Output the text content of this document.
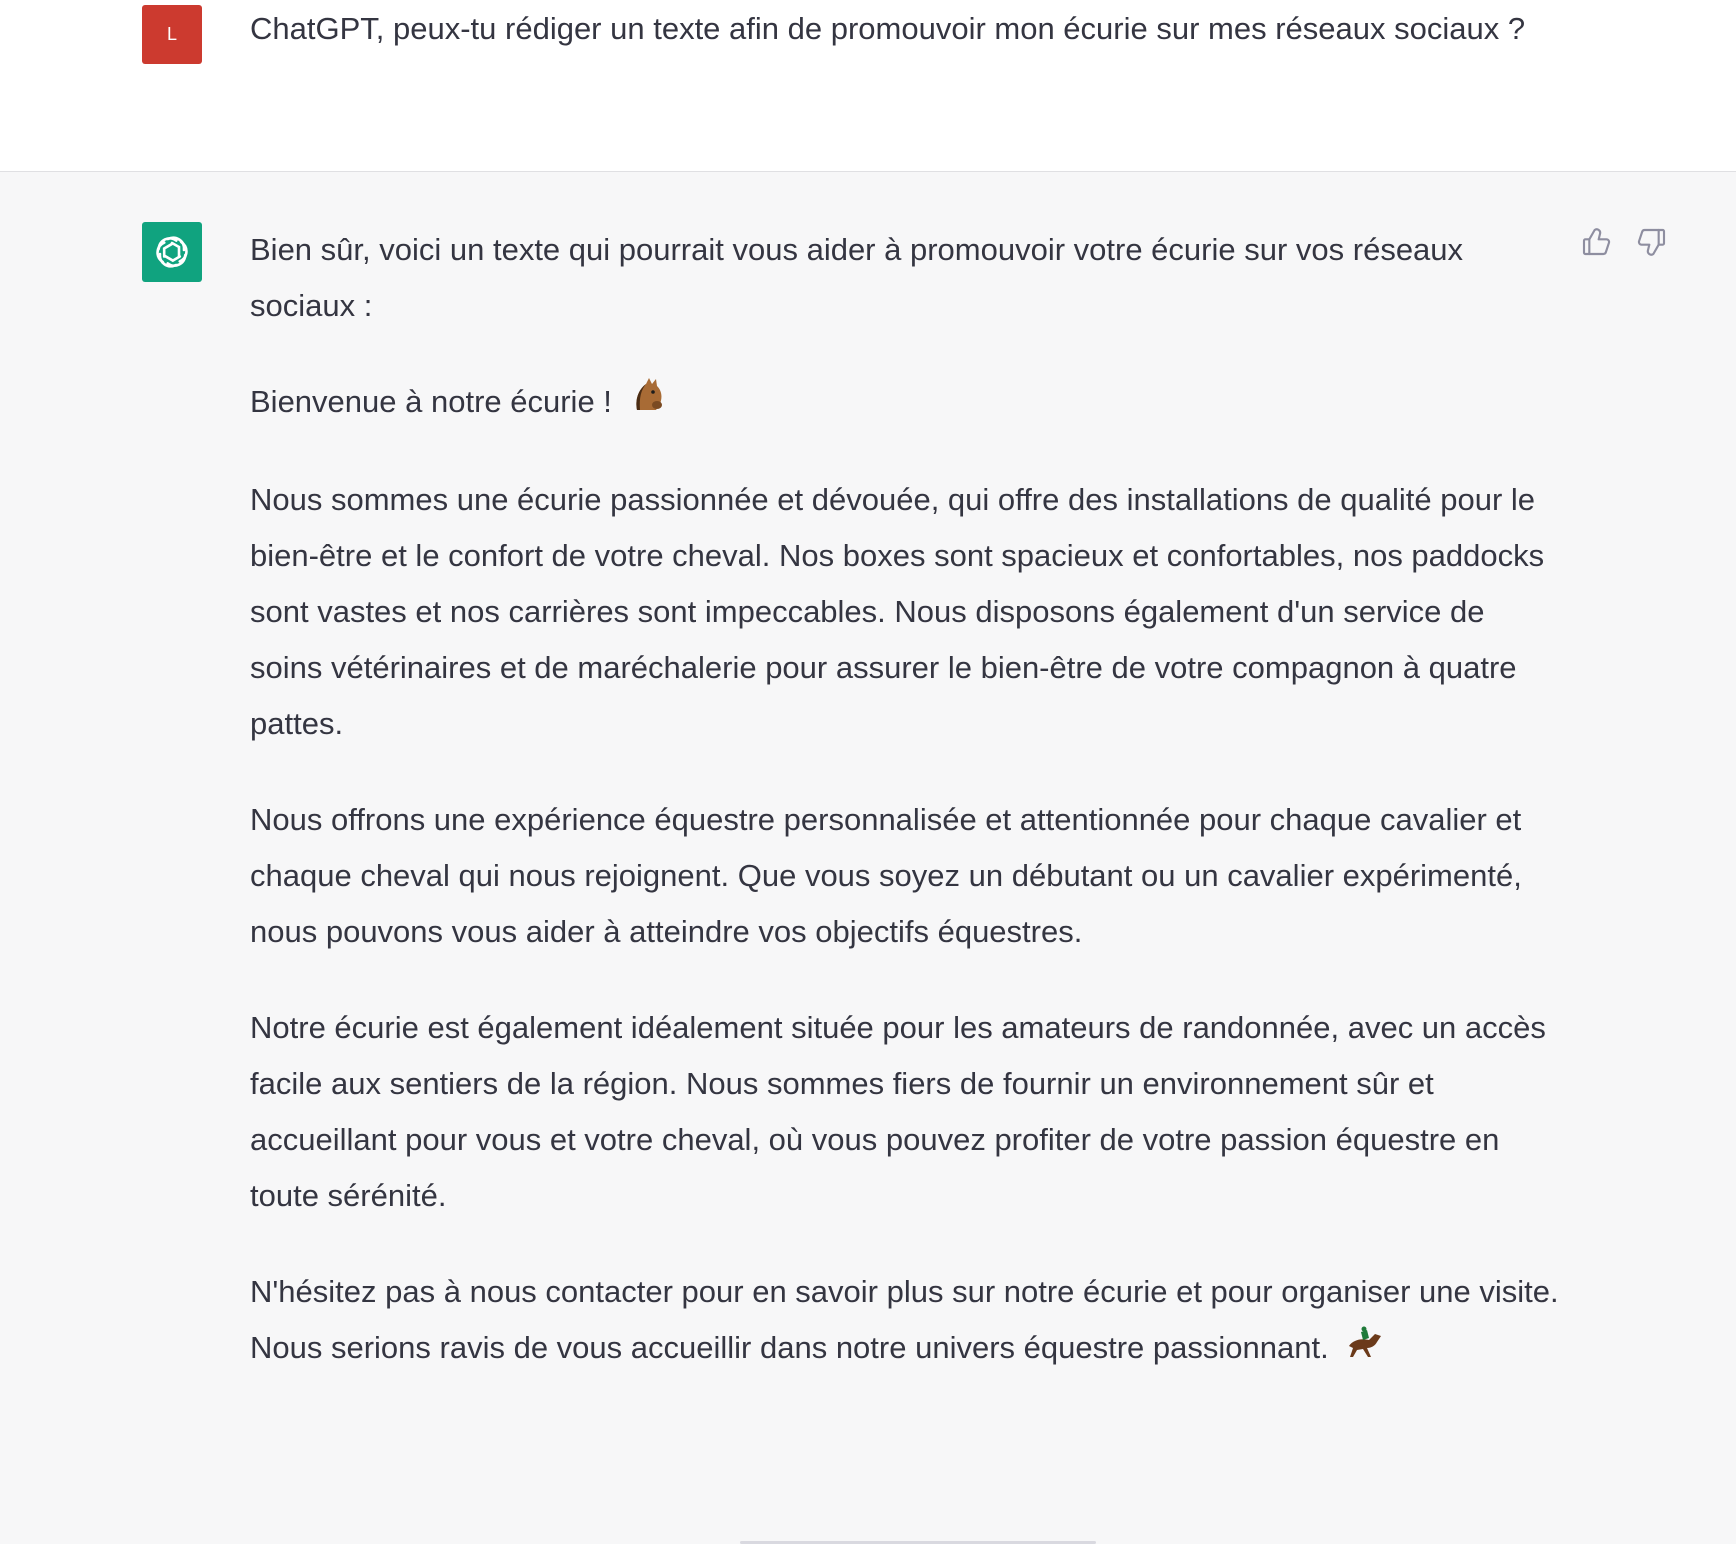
L ChatGPT, peux-tu rédiger un texte afin de promouvoir mon écurie sur mes réseaux sociaux ?

Bien sûr, voici un texte qui pourrait vous aider à promouvoir votre écurie sur vos réseaux sociaux :

Bienvenue à notre écurie !

Nous sommes une écurie passionnée et dévouée, qui offre des installations de qualité pour le bien-être et le confort de votre cheval. Nos boxes sont spacieux et confortables, nos paddocks sont vastes et nos carrières sont impeccables. Nous disposons également d'un service de soins vétérinaires et de maréchalerie pour assurer le bien-être de votre compagnon à quatre pattes.

Nous offrons une expérience équestre personnalisée et attentionnée pour chaque cavalier et chaque cheval qui nous rejoignent. Que vous soyez un débutant ou un cavalier expérimenté, nous pouvons vous aider à atteindre vos objectifs équestres.

Notre écurie est également idéalement située pour les amateurs de randonnée, avec un accès facile aux sentiers de la région. Nous sommes fiers de fournir un environnement sûr et accueillant pour vous et votre cheval, où vous pouvez profiter de votre passion équestre en toute sérénité.

N'hésitez pas à nous contacter pour en savoir plus sur notre écurie et pour organiser une visite. Nous serions ravis de vous accueillir dans notre univers équestre passionnant.
